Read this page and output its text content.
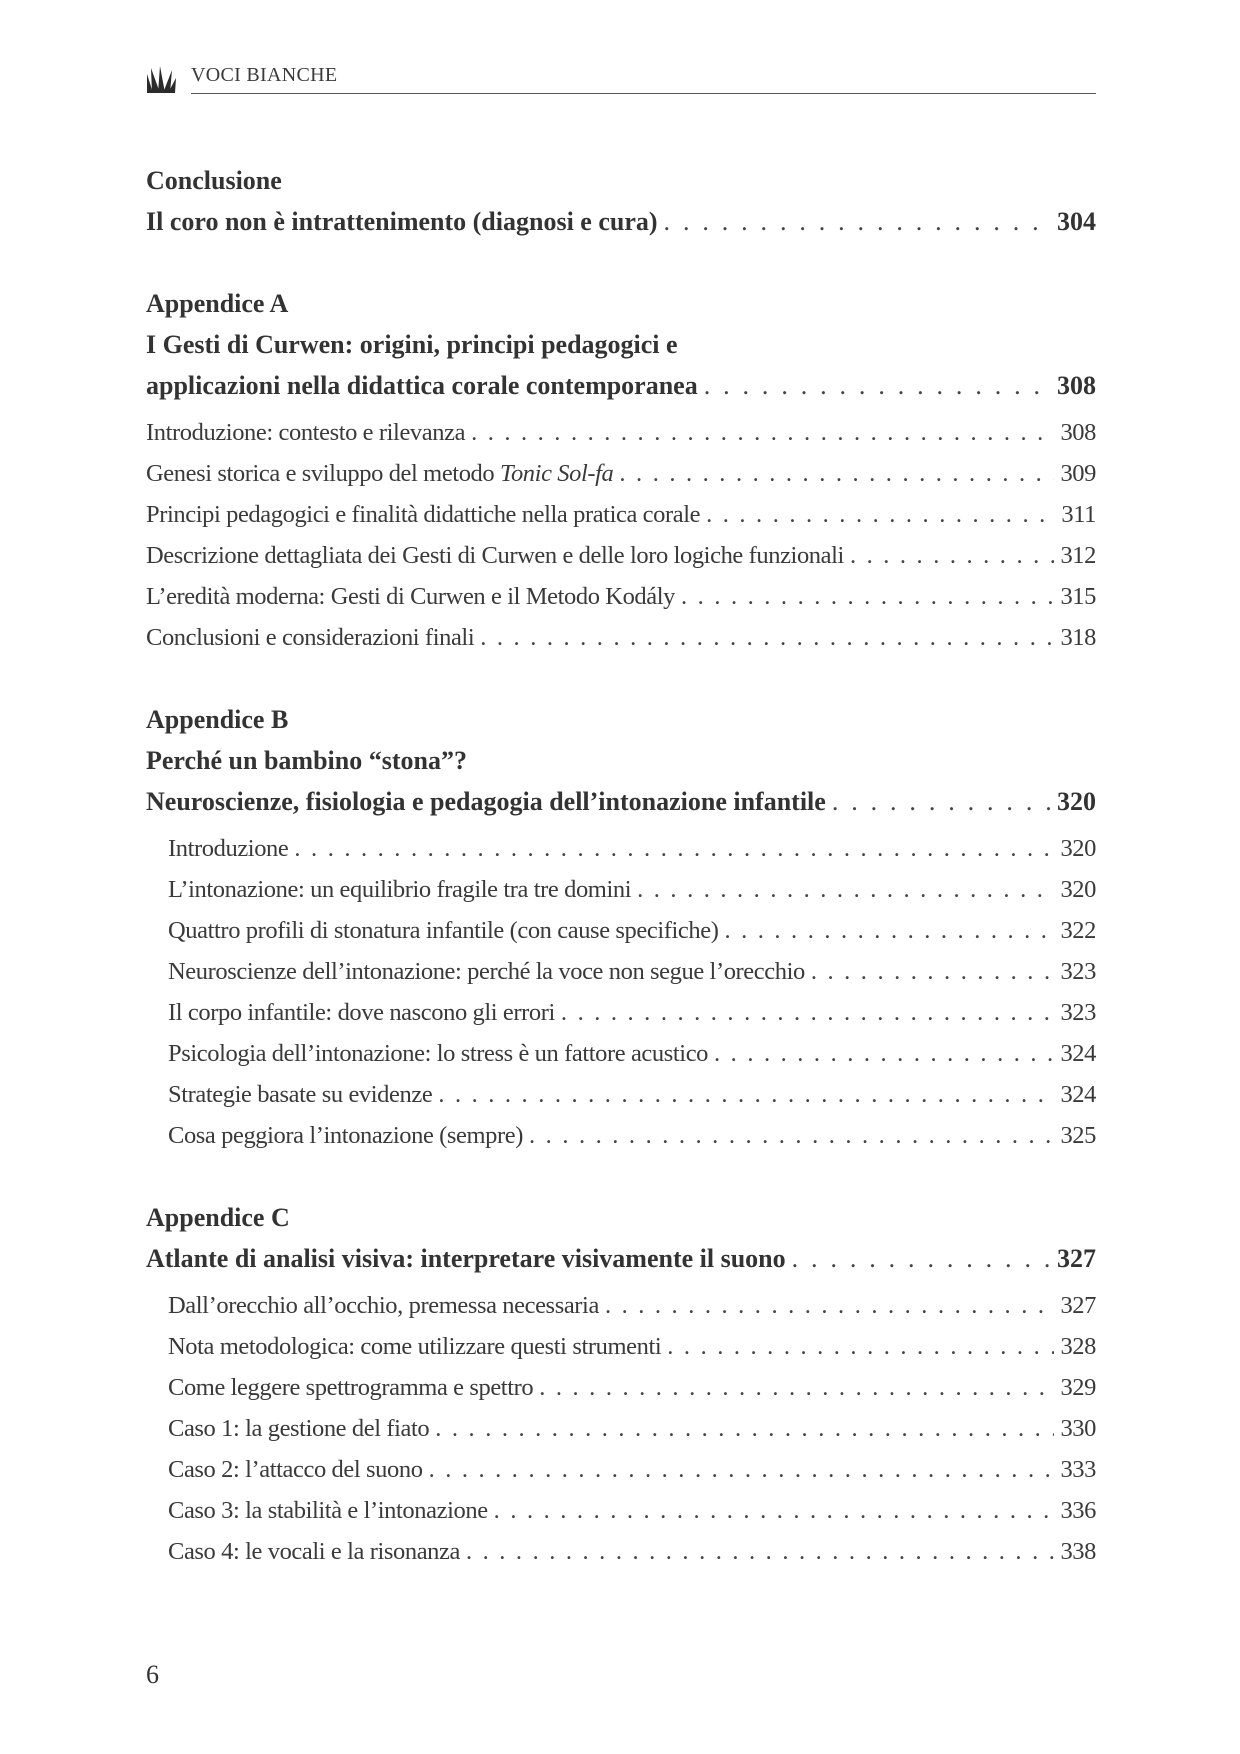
VOCI BIANCHE
Conclusione
Il coro non è intrattenimento (diagnosi e cura) . . .	304
Appendice A
I Gesti di Curwen: origini, principi pedagogici e
applicazioni nella didattica corale contemporanea . . .	308
Introduzione: contesto e rilevanza . . .	308
Genesi storica e sviluppo del metodo Tonic Sol-fa . . .	309
Principi pedagogici e finalità didattiche nella pratica corale . . .	311
Descrizione dettagliata dei Gesti di Curwen e delle loro logiche funzionali . . .	312
L’eredità moderna: Gesti di Curwen e il Metodo Kodály . . .	315
Conclusioni e considerazioni finali . . .	318
Appendice B
Perché un bambino “stona”?
Neuroscienze, fisiologia e pedagogia dell’intonazione infantile . . .	320
Introduzione . . .	320
L’intonazione: un equilibrio fragile tra tre domini . . .	320
Quattro profili di stonatura infantile (con cause specifiche) . . .	322
Neuroscienze dell’intonazione: perché la voce non segue l’orecchio . . .	323
Il corpo infantile: dove nascono gli errori . . .	323
Psicologia dell’intonazione: lo stress è un fattore acustico . . .	324
Strategie basate su evidenze . . .	324
Cosa peggiora l’intonazione (sempre) . . .	325
Appendice C
Atlante di analisi visiva: interpretare visivamente il suono . . .	327
Dall’orecchio all’occhio, premessa necessaria . . .	327
Nota metodologica: come utilizzare questi strumenti . . .	328
Come leggere spettrogramma e spettro . . .	329
Caso 1: la gestione del fiato . . .	330
Caso 2: l’attacco del suono . . .	333
Caso 3: la stabilità e l’intonazione . . .	336
Caso 4: le vocali e la risonanza . . .	338
6
